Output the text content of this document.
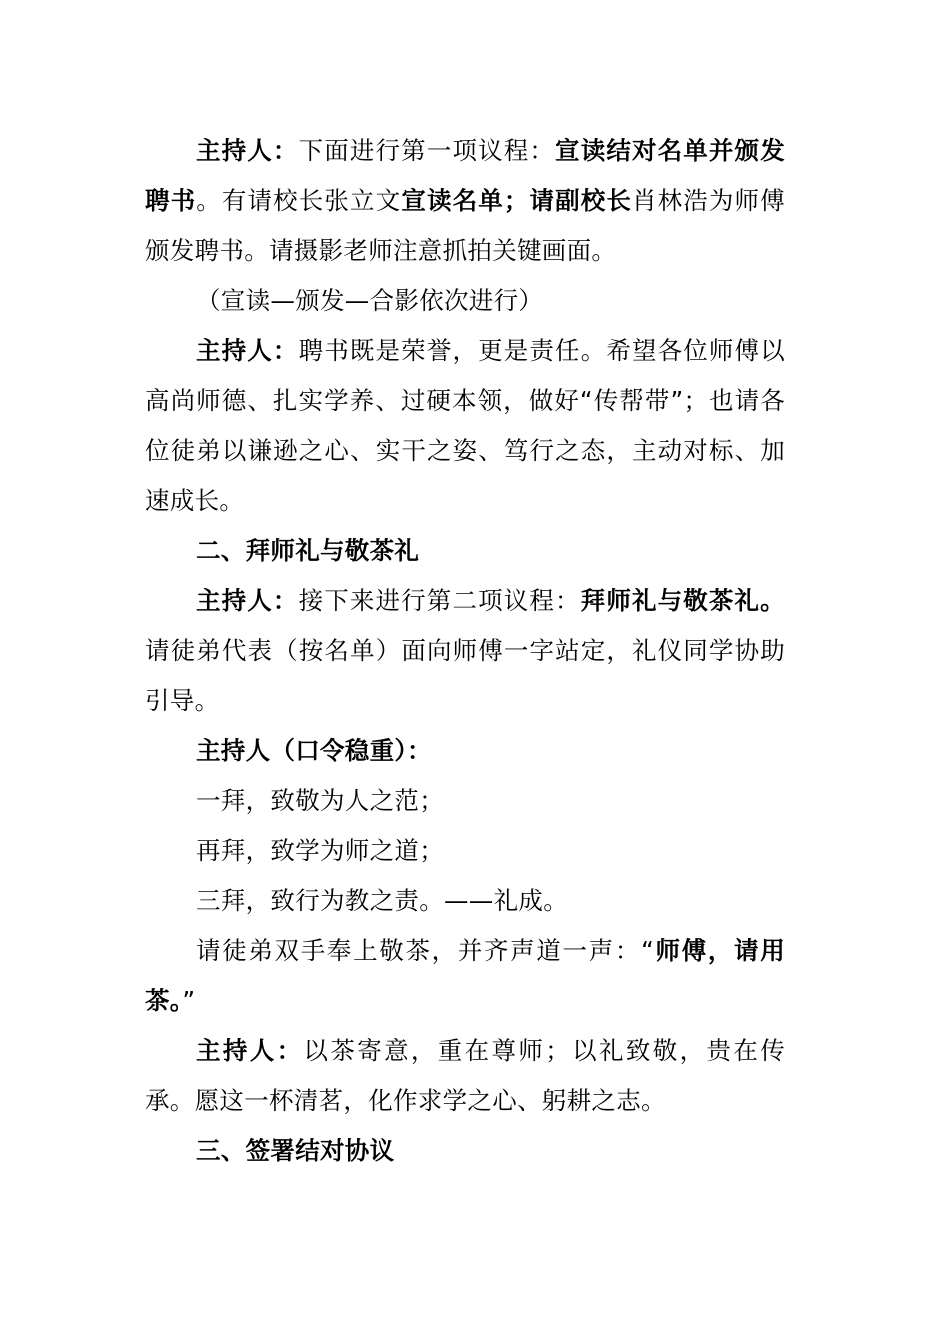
主持人：下面进行第一项议程：宣读结对名单并颁发聘书。有请校长张立文宣读名单；请副校长肖林浩为师傅颁发聘书。请摄影老师注意抓拍关键画面。

（宣读—颁发—合影依次进行）

主持人：聘书既是荣誉，更是责任。希望各位师傅以高尚师德、扎实学养、过硬本领，做好“传帮带”；也请各位徒弟以谦逊之心、实干之姿、笃行之态，主动对标、加速成长。

二、拜师礼与敬茶礼

主持人：接下来进行第二项议程：拜师礼与敬茶礼。请徒弟代表（按名单）面向师傅一字站定，礼仪同学协助引导。

主持人（口令稳重）：

一拜，致敬为人之范；

再拜，致学为师之道；

三拜，致行为教之责。——礼成。

请徒弟双手奉上敬茶，并齐声道一声：“师傅，请用茶。”

主持人：以茶寄意，重在尊师；以礼致敬，贵在传承。愿这一杯清茗，化作求学之心、躬耕之志。

三、签署结对协议
